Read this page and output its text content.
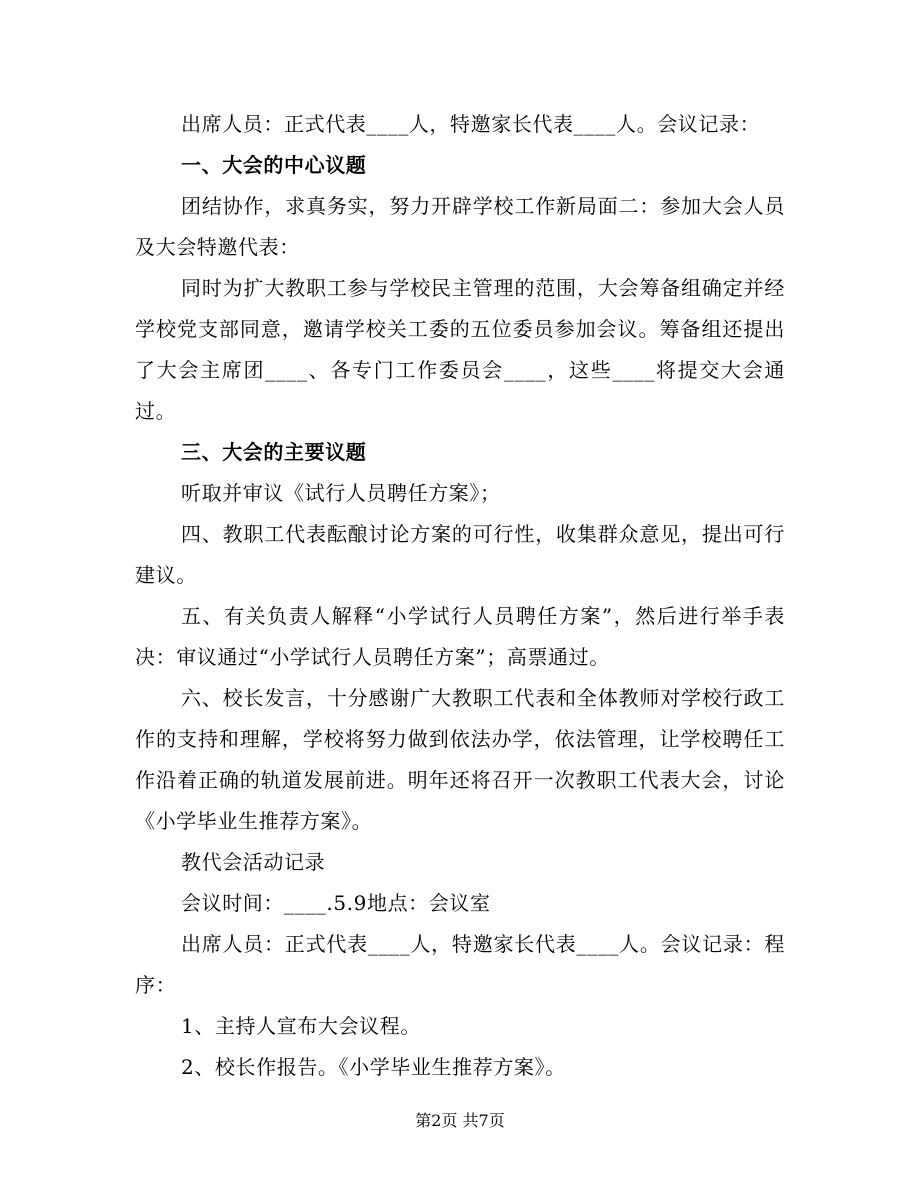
出席人员：正式代表____人，特邀家长代表____人。会议记录：

一、大会的中心议题

团结协作，求真务实，努力开辟学校工作新局面二：参加大会人员及大会特邀代表：

同时为扩大教职工参与学校民主管理的范围，大会筹备组确定并经学校党支部同意，邀请学校关工委的五位委员参加会议。筹备组还提出了大会主席团____、各专门工作委员会____，这些____将提交大会通过。

三、大会的主要议题

听取并审议《试行人员聘任方案》；

四、教职工代表酝酿讨论方案的可行性，收集群众意见，提出可行建议。

五、有关负责人解释“小学试行人员聘任方案”，然后进行举手表决：审议通过“小学试行人员聘任方案”；高票通过。

六、校长发言，十分感谢广大教职工代表和全体教师对学校行政工作的支持和理解，学校将努力做到依法办学，依法管理，让学校聘任工作沿着正确的轨道发展前进。明年还将召开一次教职工代表大会，讨论《小学毕业生推荐方案》。

教代会活动记录

会议时间：____.5.9地点：会议室

出席人员：正式代表____人，特邀家长代表____人。会议记录：程序：

1、主持人宣布大会议程。

2、校长作报告。《小学毕业生推荐方案》。

第2页 共7页
